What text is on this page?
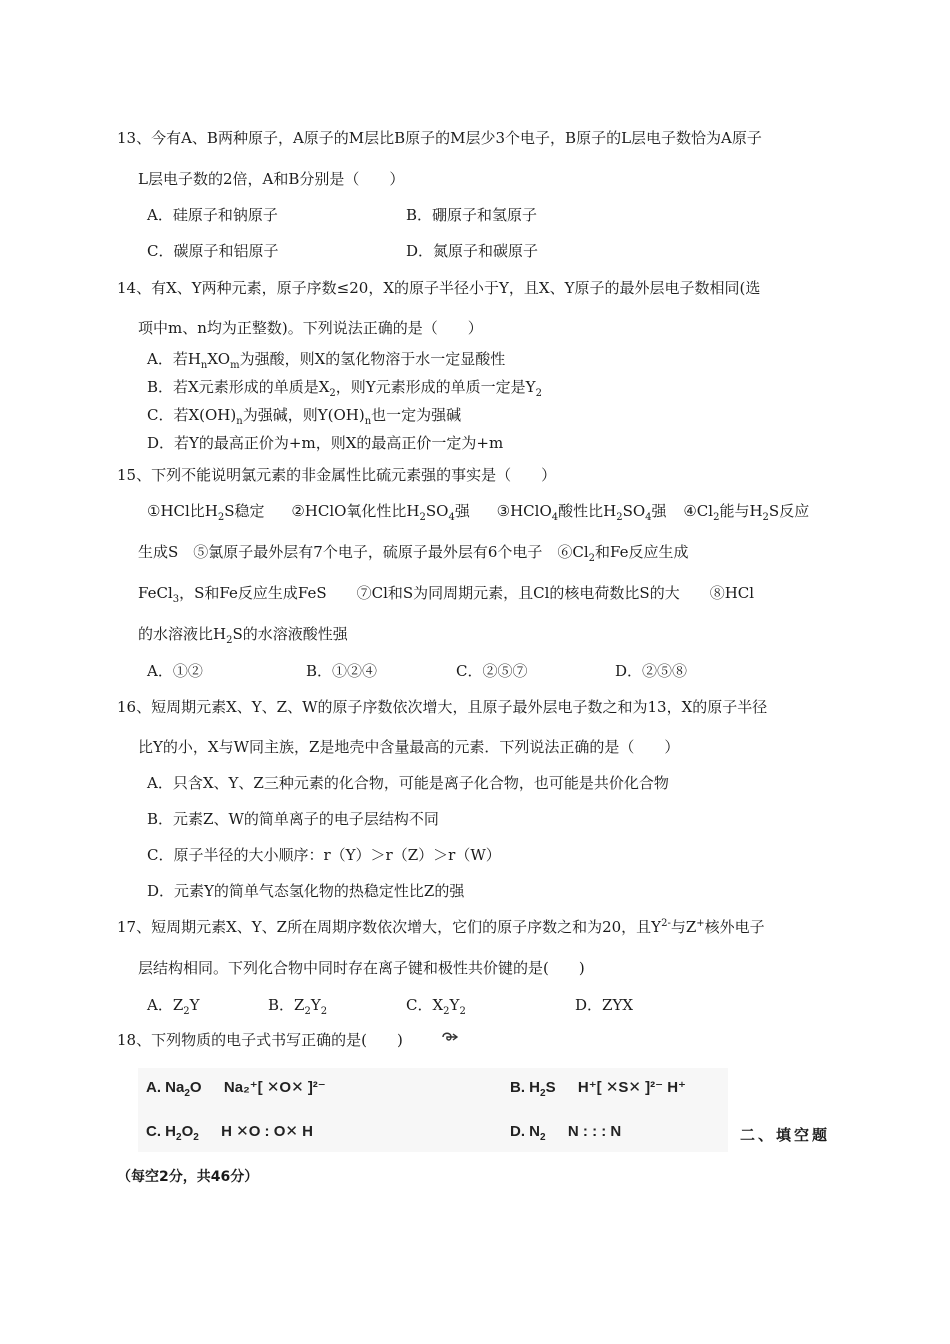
13、今有A、B两种原子，A原子的M层比B原子的M层少3个电子，B原子的L层电子数恰为A原子
L层电子数的2倍，A和B分别是（　　）
A．硅原子和钠原子	B．硼原子和氢原子
C．碳原子和铝原子	D．氮原子和碳原子
14、有X、Y两种元素，原子序数≤20，X的原子半径小于Y，且X、Y原子的最外层电子数相同(选
项中m、n均为正整数)。下列说法正确的是（　　）
A．若$H_nXO_m$为强酸，则X的氢化物溶于水一定显酸性
B．若X元素形成的单质是$X_2$，则Y元素形成的单质一定是$Y_2$
C．若$X(OH)_n$为强碱，则$Y(OH)_n$也一定为强碱
D．若Y的最高正价为+m，则X的最高正价一定为+m
15、下列不能说明氯元素的非金属性比硫元素强的事实是（　　）
①HCl比$H_2S$稳定 ②HClO氧化性比$H_2SO_4$强 ③HClO$_4$酸性比$H_2SO_4$强 $④Cl_2$能与$H_2S$反应
生成S　⑤氯原子最外层有7个电子，硫原子最外层有6个电子　$⑥Cl_2$和Fe反应生成
FeCl$_3$，S和Fe反应生成FeS　　⑦Cl和S为同周期元素，且Cl的核电荷数比S的大　　⑧HCl
的水溶液比$H_2S$的水溶液酸性强
A．①②	B．①②④	C．②⑤⑦	D．②⑤⑧
16、短周期元素X、Y、Z、W的原子序数依次增大，且原子最外层电子数之和为13，X的原子半径
比Y的小，X与W同主族，Z是地壳中含量最高的元素．下列说法正确的是（　　）
A．只含X、Y、Z三种元素的化合物，可能是离子化合物，也可能是共价化合物
B．元素Z、W的简单离子的电子层结构不同
C．原子半径的大小顺序：r（Y）＞r（Z）＞r（W）
D．元素Y的简单气态氢化物的热稳定性比Z的强
17、短周期元素X、Y、Z所在周期序数依次增大，它们的原子序数之和为20，且$Y^{2-}$与Z+核外电子
层结构相同。下列化合物中同时存在离子键和极性共价键的是(　　)
A．$Z_2Y$	B．$Z_2Y_2$	C．$X_2Y_2$	D．ZYX
18、下列物质的电子式书写正确的是(　　)
A. $Na_2O$ Na₂⁺[ ✕O✕ ]²⁻	B. $H_2S$ H⁺[ ✕S✕ ]²⁻ H⁺
C. $H_2O_2$ H ✕O : O✕ H	D. $N_2$ N : : : N	二、填空题
（每空2分，共46分）
